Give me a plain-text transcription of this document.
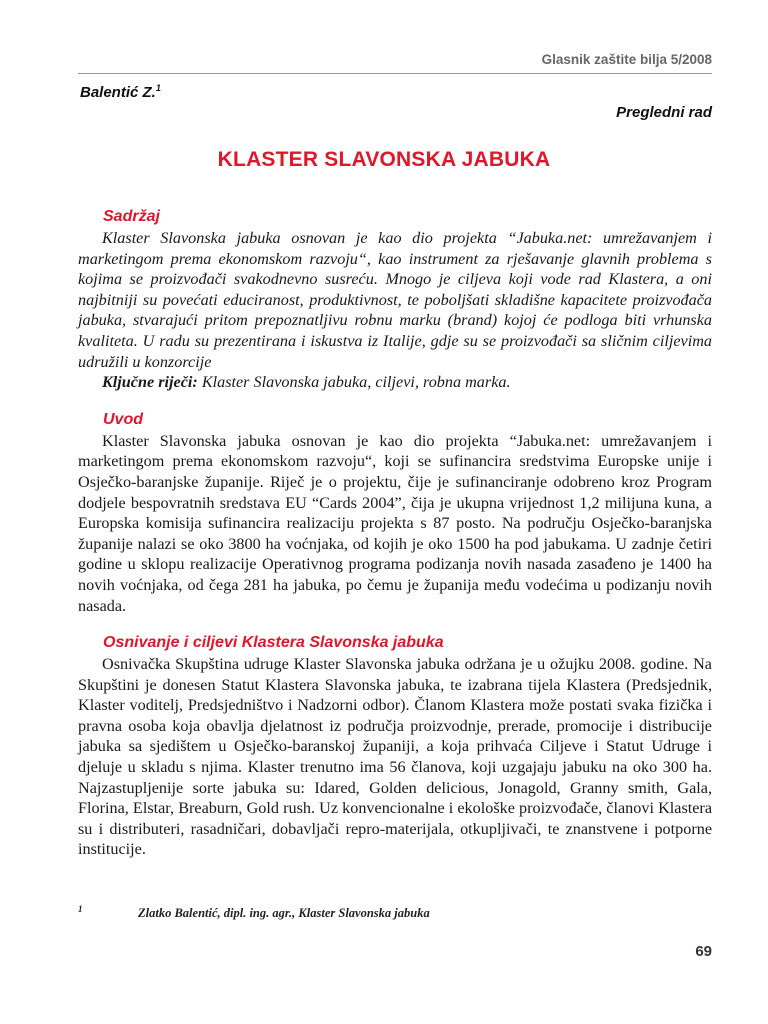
Glasnik zaštite bilja 5/2008
Balentić Z.$^1$
Pregledni rad
KLASTER SLAVONSKA JABUKA
Sadržaj

Klaster Slavonska jabuka osnovan je kao dio projekta “Jabuka.net: umrežavanjem i marketingom prema ekonomskom razvoju“, kao instrument za rješavanje glavnih problema s kojima se proizvođači svakodnevno susreću. Mnogo je ciljeva koji vode rad Klastera, a oni najbitniji su povećati educiranost, produktivnost, te poboljšati skladišne kapacitete proizvođača jabuka, stvarajući pritom prepoznatljivu robnu marku (brand) kojoj će podloga biti vrhunska kvaliteta. U radu su prezentirana i iskustva iz Italije, gdje su se proizvođači sa sličnim ciljevima udružili u konzorcije

Ključne riječi: Klaster Slavonska jabuka, ciljevi, robna marka.

Uvod

Klaster Slavonska jabuka osnovan je kao dio projekta “Jabuka.net: umrežavanjem i marketingom prema ekonomskom razvoju“, koji se sufinancira sredstvima Europske unije i Osječko-baranjske županije. Riječ je o projektu, čije je sufinanciranje odobreno kroz Program dodjele bespovratnih sredstava EU “Cards 2004”, čija je ukupna vrijednost 1,2 milijuna kuna, a Europska komisija sufinancira realizaciju projekta s 87 posto. Na području Osječko-baranjska županije nalazi se oko 3800 ha voćnjaka, od kojih je oko 1500 ha pod jabukama. U zadnje četiri godine u sklopu realizacije Operativnog programa podizanja novih nasada zasađeno je 1400 ha novih voćnjaka, od čega 281 ha jabuka, po čemu je županija među vodećima u podizanju novih nasada.

Osnivanje i ciljevi Klastera Slavonska jabuka

Osnivačka Skupština udruge Klaster Slavonska jabuka održana je u ožujku 2008. godine. Na Skupštini je donesen Statut Klastera Slavonska jabuka, te izabrana tijela Klastera (Predsjednik, Klaster voditelj, Predsjedništvo i Nadzorni odbor). Članom Klastera može postati svaka fizička i pravna osoba koja obavlja djelatnost iz područja proizvodnje, prerade, promocije i distribucije jabuka sa sjedištem u Osječko-baranskoj županiji, a koja prihvaća Ciljeve i Statut Udruge i djeluje u skladu s njima. Klaster trenutno ima 56 članova, koji uzgajaju jabuku na oko 300 ha. Najzastupljenije sorte jabuka su: Idared, Golden delicious, Jonagold, Granny smith, Gala, Florina, Elstar, Breaburn, Gold rush. Uz konvencionalne i ekološke proizvođače, članovi Klastera su i distributeri, rasadničari, dobavljači repro-materijala, otkupljivači, te znanstvene i potporne institucije.

1	Zlatko Balentić, dipl. ing. agr., Klaster Slavonska jabuka
69
